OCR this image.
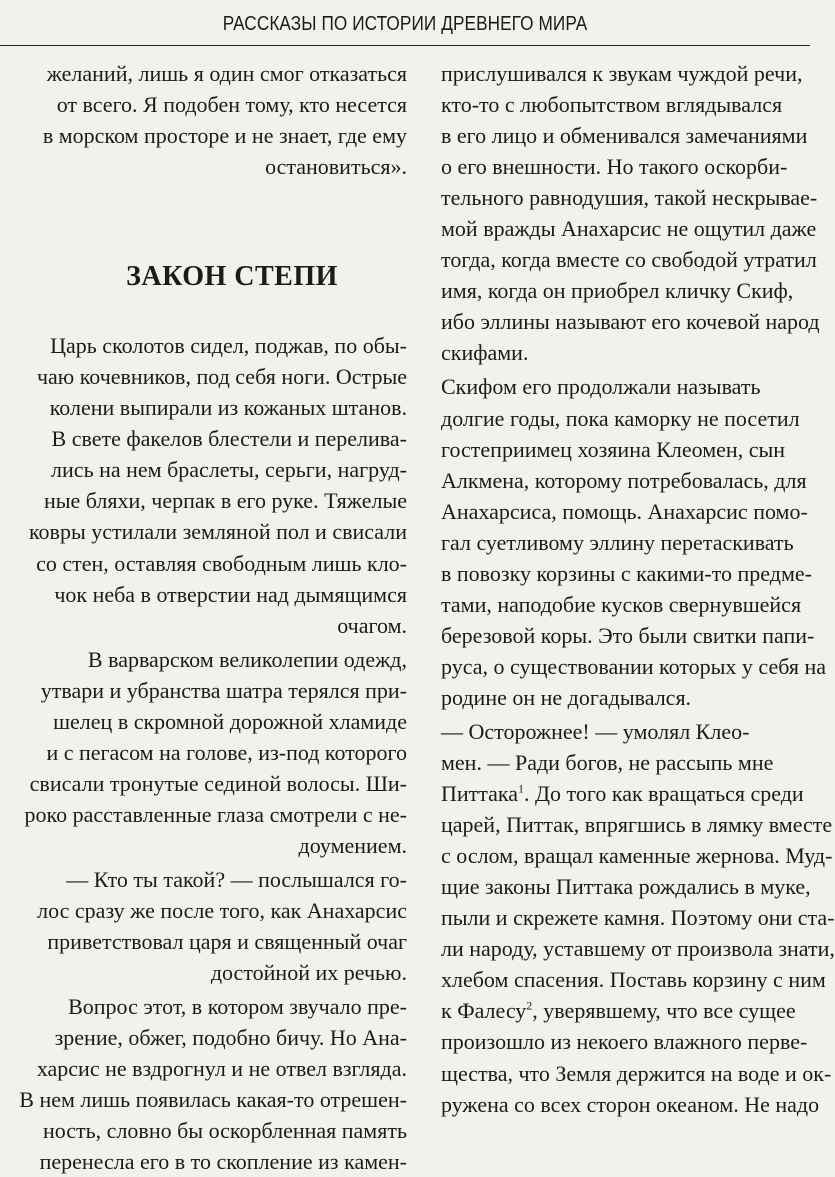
РАССКАЗЫ ПО ИСТОРИИ ДРЕВНЕГО МИРА
желаний, лишь я один смог отказаться
от всего. Я подобен тому, кто несется
в морском просторе и не знает, где ему
остановиться».
ЗАКОН СТЕПИ
Царь сколотов сидел, поджав, по обы-
чаю кочевников, под себя ноги. Острые
колени выпирали из кожаных штанов.
В свете факелов блестели и перелива-
лись на нем браслеты, серьги, нагруд-
ные бляхи, черпак в его руке. Тяжелые
ковры устилали земляной пол и свисали
со стен, оставляя свободным лишь кло-
чок неба в отверстии над дымящимся
очагом.
В варварском великолепии одежд,
утвари и убранства шатра терялся при-
шелец в скромной дорожной хламиде
и с пегасом на голове, из-под которого
свисали тронутые сединой волосы. Ши-
роко расставленные глаза смотрели с не-
доумением.
— Кто ты такой? — послышался го-
лос сразу же после того, как Анахарсис
приветствовал царя и священный очаг
достойной их речью.
Вопрос этот, в котором звучало пре-
зрение, обжег, подобно бичу. Но Ана-
харсис не вздрогнул и не отвел взгляда.
В нем лишь появилась какая-то отрешен-
ность, словно бы оскорбленная память
перенесла его в то скопление из камен-
прислушивался к звукам чуждой речи,
кто-то с любопытством вглядывался
в его лицо и обменивался замечаниями
о его внешности. Но такого оскорби-
тельного равнодушия, такой нескрывае-
мой вражды Анахарсис не ощутил даже
тогда, когда вместе со свободой утратил
имя, когда он приобрел кличку Скиф,
ибо эллины называют его кочевой народ
скифами.
Скифом его продолжали называть
долгие годы, пока каморку не посетил
гостеприимец хозяина Клеомен, сын
Алкмена, которому потребовалась, для
Анахарсиса, помощь. Анахарсис помо-
гал суетливому эллину перетаскивать
в повозку корзины с какими-то предме-
тами, наподобие кусков свернувшейся
березовой коры. Это были свитки папи-
руса, о существовании которых у себя на
родине он не догадывался.
— Осторожнее! — умолял Клео-
мен. — Ради богов, не рассыпь мне
Питтака$^1$. До того как вращаться среди
царей, Питтак, впрягшись в лямку вместе
с ослом, вращал каменные жернова. Муд-
щие законы Питтака рождались в муке,
пыли и скрежете камня. Поэтому они ста-
ли народу, уставшему от произвола знати,
хлебом спасения. Поставь корзину с ним
к Фалесу$^2$, уверявшему, что все сущее
произошло из некоего влажного перве-
щества, что Земля держится на воде и ок-
ружена со всех сторон океаном. Не надо
